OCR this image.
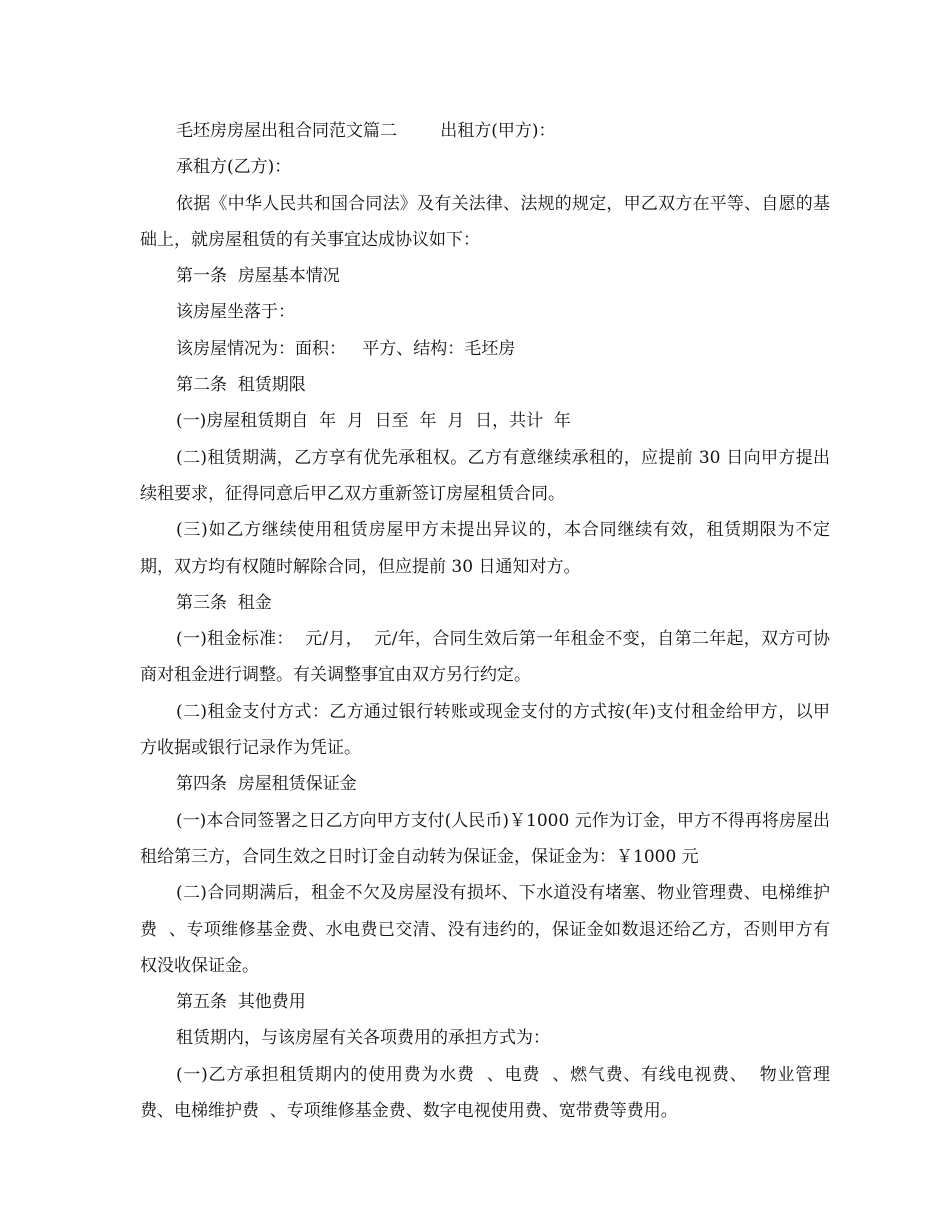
毛坯房房屋出租合同范文篇二        出租方(甲方)：

承租方(乙方)：

依据《中华人民共和国合同法》及有关法律、法规的规定，甲乙双方在平等、自愿的基础上，就房屋租赁的有关事宜达成协议如下：

第一条  房屋基本情况

该房屋坐落于：

该房屋情况为：面积：   平方、结构：毛坯房

第二条  租赁期限

(一)房屋租赁期自  年  月  日至  年  月  日，共计  年

(二)租赁期满，乙方享有优先承租权。乙方有意继续承租的，应提前 30 日向甲方提出续租要求，征得同意后甲乙双方重新签订房屋租赁合同。

(三)如乙方继续使用租赁房屋甲方未提出异议的，本合同继续有效，租赁期限为不定期，双方均有权随时解除合同，但应提前 30 日通知对方。

第三条  租金

(一)租金标准：  元/月，  元/年，合同生效后第一年租金不变，自第二年起，双方可协商对租金进行调整。有关调整事宜由双方另行约定。

(二)租金支付方式：乙方通过银行转账或现金支付的方式按(年)支付租金给甲方，以甲方收据或银行记录作为凭证。

第四条  房屋租赁保证金

(一)本合同签署之日乙方向甲方支付(人民币)￥1000 元作为订金，甲方不得再将房屋出租给第三方，合同生效之日时订金自动转为保证金，保证金为：￥1000 元

(二)合同期满后，租金不欠及房屋没有损坏、下水道没有堵塞、物业管理费、电梯维护费  、专项维修基金费、水电费已交清、没有违约的，保证金如数退还给乙方，否则甲方有权没收保证金。

第五条  其他费用

租赁期内，与该房屋有关各项费用的承担方式为：

(一)乙方承担租赁期内的使用费为水费  、电费  、燃气费、有线电视费、  物业管理费、电梯维护费  、专项维修基金费、数字电视使用费、宽带费等费用。
